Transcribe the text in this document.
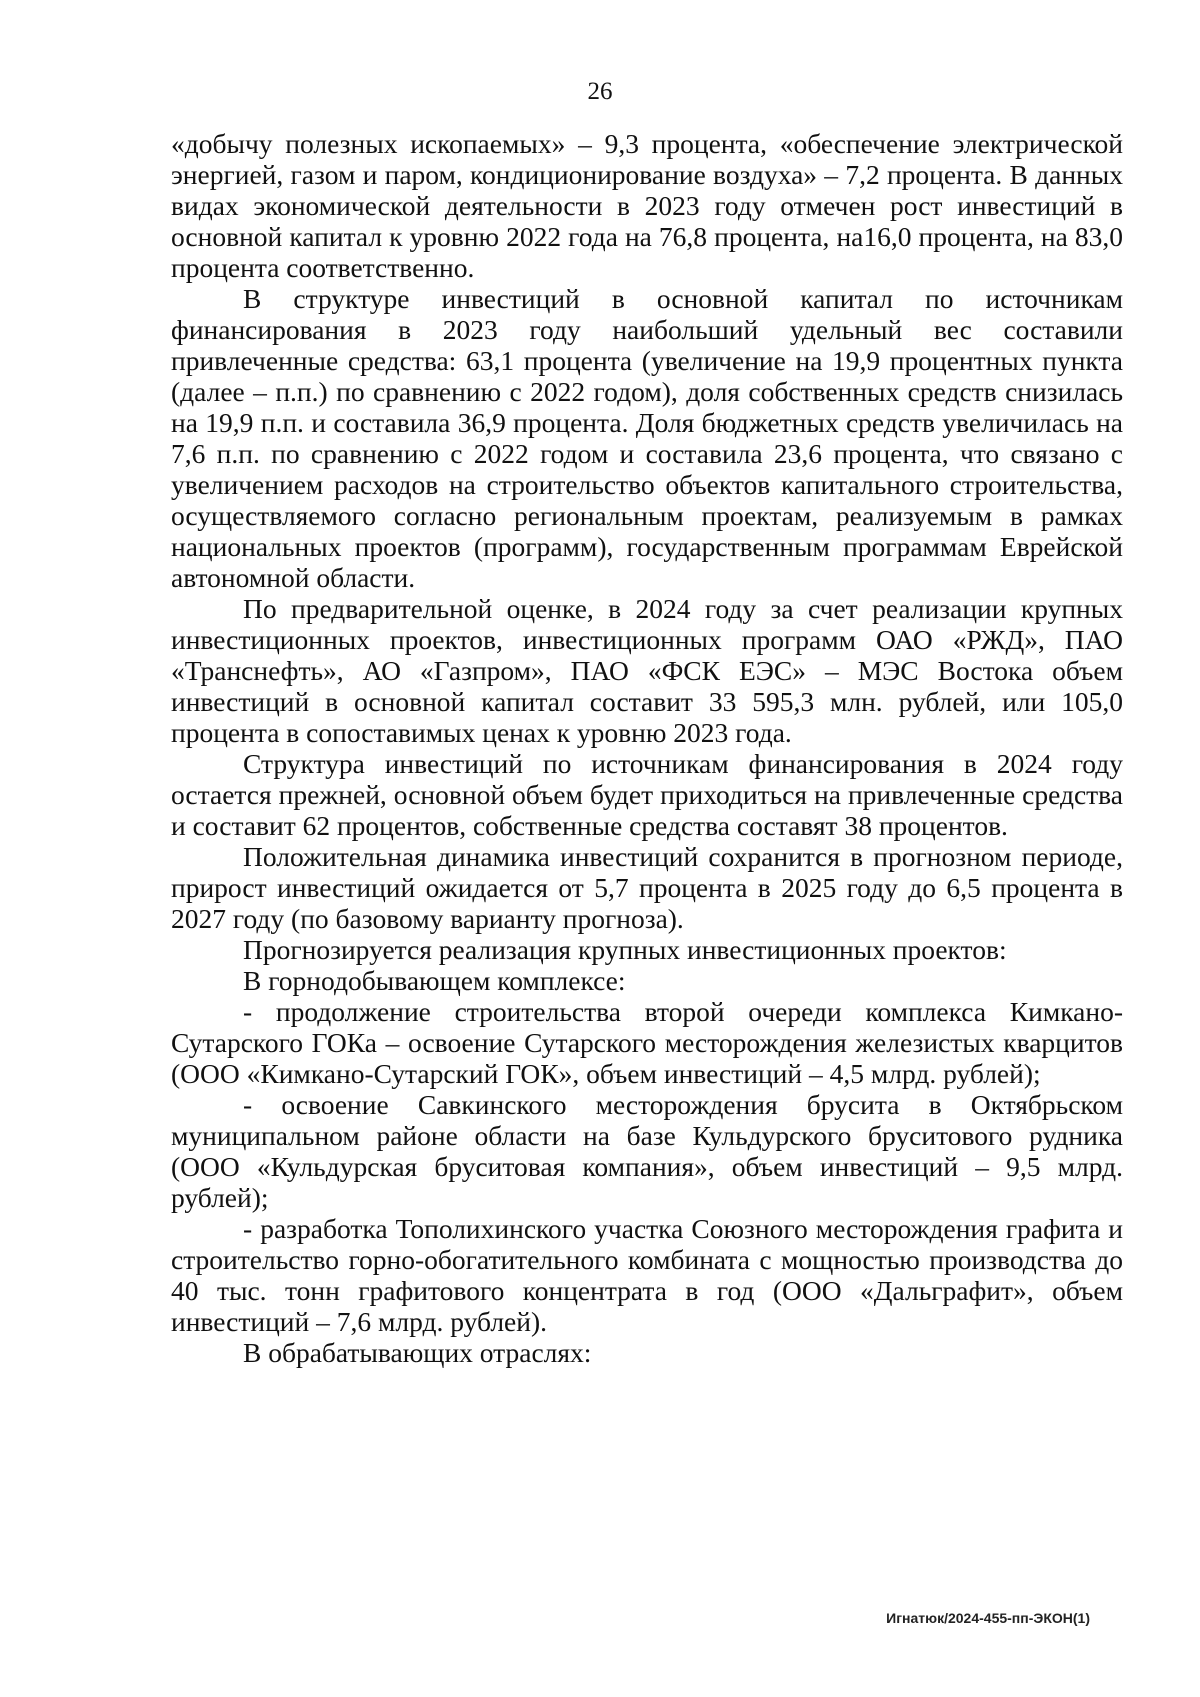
26

«добычу полезных ископаемых» – 9,3 процента, «обеспечение электрической энергией, газом и паром, кондиционирование воздуха» – 7,2 процента. В данных видах экономической деятельности в 2023 году отмечен рост инвестиций в основной капитал к уровню 2022 года на 76,8 процента, на16,0 процента, на 83,0 процента соответственно.

В структуре инвестиций в основной капитал по источникам финансирования в 2023 году наибольший удельный вес составили привлеченные средства: 63,1 процента (увеличение на 19,9 процентных пункта (далее – п.п.) по сравнению с 2022 годом), доля собственных средств снизилась на 19,9 п.п. и составила 36,9 процента. Доля бюджетных средств увеличилась на 7,6 п.п. по сравнению с 2022 годом и составила 23,6 процента, что связано с увеличением расходов на строительство объектов капитального строительства, осуществляемого согласно региональным проектам, реализуемым в рамках национальных проектов (программ), государственным программам Еврейской автономной области.

По предварительной оценке, в 2024 году за счет реализации крупных инвестиционных проектов, инвестиционных программ ОАО «РЖД», ПАО «Транснефть», АО «Газпром», ПАО «ФСК ЕЭС» – МЭС Востока объем инвестиций в основной капитал составит 33 595,3 млн. рублей, или 105,0 процента в сопоставимых ценах к уровню 2023 года.

Структура инвестиций по источникам финансирования в 2024 году остается прежней, основной объем будет приходиться на привлеченные средства и составит 62 процентов, собственные средства составят 38 процентов.

Положительная динамика инвестиций сохранится в прогнозном периоде, прирост инвестиций ожидается от 5,7 процента в 2025 году до 6,5 процента в 2027 году (по базовому варианту прогноза).

Прогнозируется реализация крупных инвестиционных проектов:

В горнодобывающем комплексе:

- продолжение строительства второй очереди комплекса Кимкано-Сутарского ГОКа – освоение Сутарского месторождения железистых кварцитов (ООО «Кимкано-Сутарский ГОК», объем инвестиций – 4,5 млрд. рублей);

- освоение Савкинского месторождения брусита в Октябрьском муниципальном районе области на базе Кульдурского бруситового рудника (ООО «Кульдурская бруситовая компания», объем инвестиций – 9,5 млрд. рублей);

- разработка Тополихинского участка Союзного месторождения графита и строительство горно-обогатительного комбината с мощностью производства до 40 тыс. тонн графитового концентрата в год (ООО «Дальграфит», объем инвестиций – 7,6 млрд. рублей).

В обрабатывающих отраслях:

Игнатюк/2024-455-пп-ЭКОН(1)
